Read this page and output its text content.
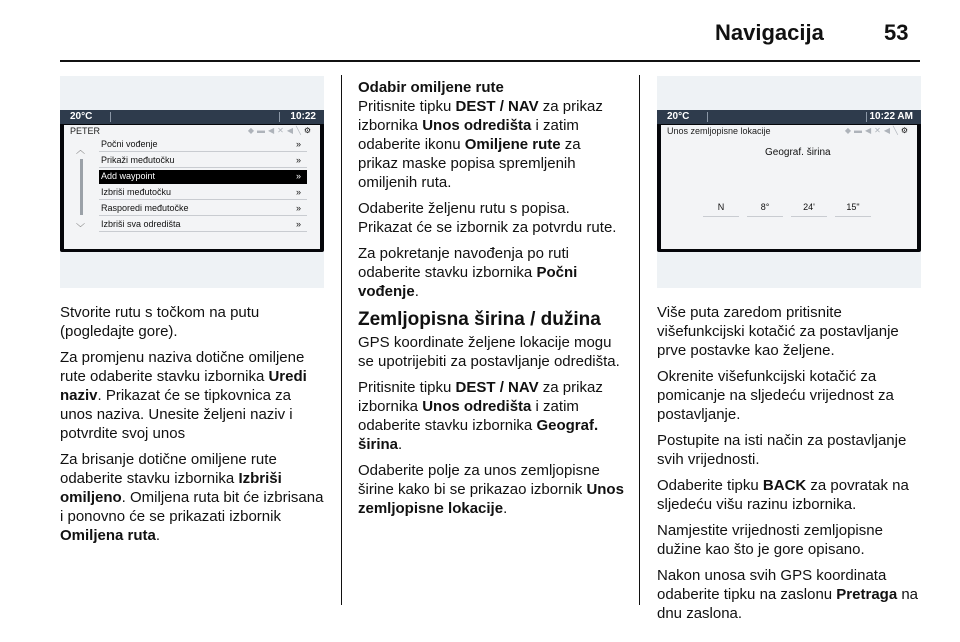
Navigacija	53
20°C	10:22
PETER	◆▬◀✕◀╲⚙
︿
﹀
Počni vođenje	»
Prikaži međutočku	»
Add waypoint	»
Izbriši međutočku	»
Rasporedi međutočke	»
Izbriši sva odredišta	»
20°C	10:22 AM
Unos zemljopisne lokacije	◆▬◀✕◀╲⚙
Geograf. širina
N	8°	24'	15"

Stvorite rutu s točkom na putu (pogledajte gore).

Za promjenu naziva dotične omiljene rute odaberite stavku izbornika Uredi naziv. Prikazat će se tipkovnica za unos naziva. Unesite željeni naziv i potvrdite svoj unos

Za brisanje dotične omiljene rute odaberite stavku izbornika Izbriši omiljeno. Omiljena ruta bit će izbrisana i ponovno će se prikazati izbornik Omiljena ruta.

Odabir omiljene rute

Pritisnite tipku DEST / NAV za prikaz izbornika Unos odredišta i zatim odaberite ikonu Omiljene rute za prikaz maske popisa spremljenih omiljenih ruta.

Odaberite željenu rutu s popisa. Prikazat će se izbornik za potvrdu rute.

Za pokretanje navođenja po ruti odaberite stavku izbornika Počni vođenje.

Zemljopisna širina / dužina

GPS koordinate željene lokacije mogu se upotrijebiti za postavljanje odredišta.

Pritisnite tipku DEST / NAV za prikaz izbornika Unos odredišta i zatim odaberite stavku izbornika Geograf. širina.

Odaberite polje za unos zemljopisne širine kako bi se prikazao izbornik Unos zemljopisne lokacije.

Više puta zaredom pritisnite višefunkcijski kotačić za postavljanje prve postavke kao željene.

Okrenite višefunkcijski kotačić za pomicanje na sljedeću vrijednost za postavljanje.

Postupite na isti način za postavljanje svih vrijednosti.

Odaberite tipku BACK za povratak na sljedeću višu razinu izbornika.

Namjestite vrijednosti zemljopisne dužine kao što je gore opisano.

Nakon unosa svih GPS koordinata odaberite tipku na zaslonu Pretraga na dnu zaslona.
